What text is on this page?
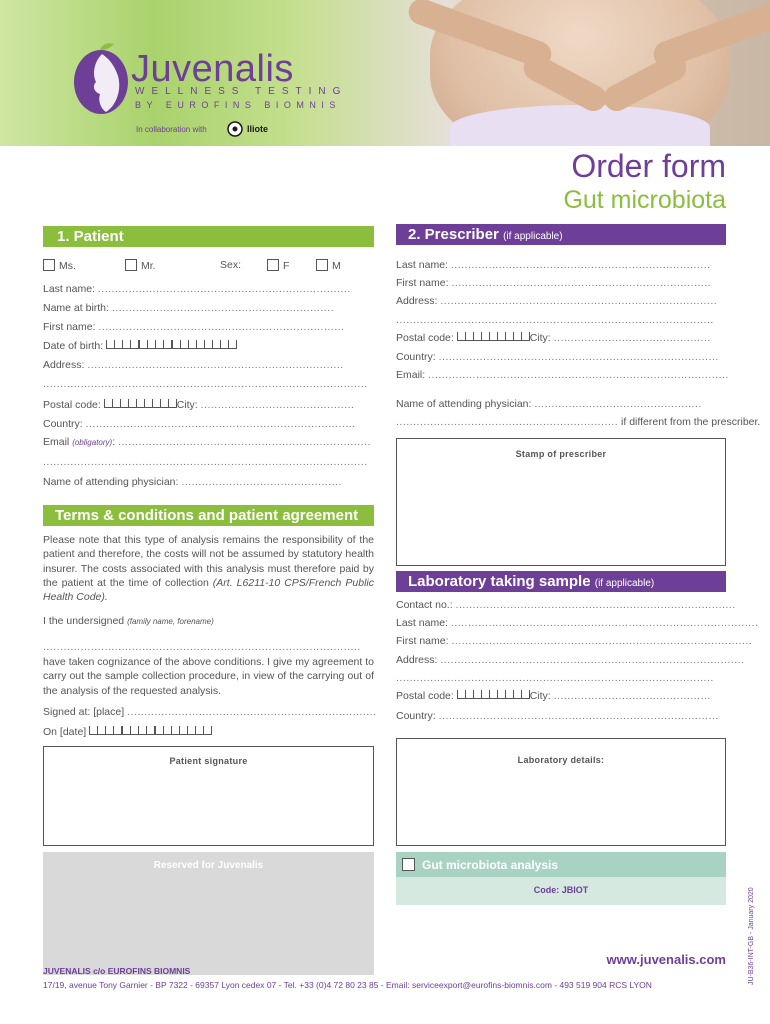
Juvenalis
WELLNESS TESTING
BY EUROFINS BIOMNIS
In collaboration with	Iliote
Order form
Gut microbiota
1. Patient
Ms.	Mr.	Sex:	F	M
Last name: ..........................................................................
Name at birth: .................................................................
First name: ........................................................................
Date of birth:
Address: ...........................................................................
...............................................................................................
Postal code:	City: .............................................
Country: ...............................................................................
Email (obligatory): ..........................................................................
...............................................................................................
Name of attending physician: ...............................................
2. Prescriber (if applicable)
Last name: ............................................................................
First name: ............................................................................
Address: .................................................................................
.............................................................................................
Postal code:	City: ..............................................
Country: ..................................................................................
Email: ........................................................................................
Name of attending physician: .................................................
................................................................. if different from the prescriber.
Stamp of prescriber
Terms & conditions and patient agreement
Please note that this type of analysis remains the responsibility of the patient and therefore, the costs will not be assumed by statutory health insurer. The costs associated with this analysis must therefore paid by the patient at the time of collection (Art. L6211-10 CPS/French Public Health Code).
I the undersigned (family name, forename)
.............................................................................................
have taken cognizance of the above conditions. I give my agreement to carry out the sample collection procedure, in view of the carrying out of the analysis of the requested analysis.
Signed at: [place] .........................................................................
On [date]
Patient signature
Laboratory taking sample (if applicable)
Contact no.: ..................................................................................
Last name: ..........................................................................................
First name: ........................................................................................
Address: .........................................................................................
.............................................................................................
Postal code:	City: ..............................................
Country: ..................................................................................
Laboratory details:
Reserved for Juvenalis	Gut microbiota analysis
Code: JBIOT
www.juvenalis.com
JUVENALIS c/o EUROFINS BIOMNIS
17/19, avenue Tony Garnier - BP 7322 - 69357 Lyon cedex 07 - Tel. +33 (0)4 72 80 23 85 - Email: serviceexport@eurofins-biomnis.com - 493 519 904 RCS LYON	JU-B36-INT-GB - January 2020
